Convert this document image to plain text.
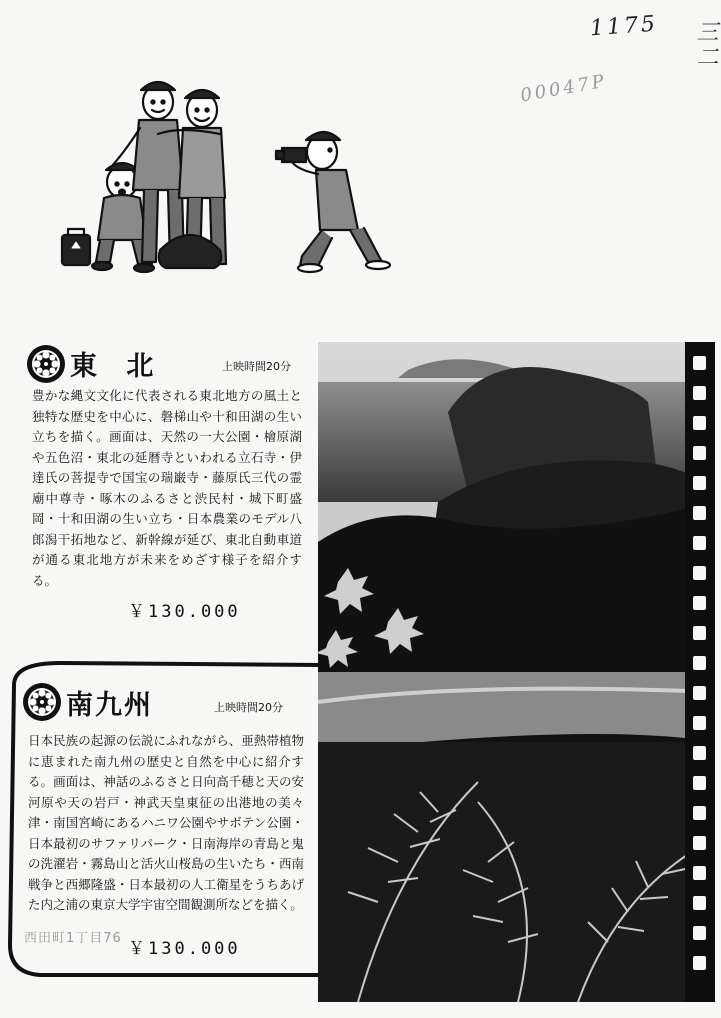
1175 三二
00047P
東 北	上映時間20分
豊かな縄文文化に代表される東北地方の風土と独特な歴史を中心に、磐梯山や十和田湖の生い立ちを描く。画面は、天然の一大公園・檜原湖や五色沼・東北の延暦寺といわれる立石寺・伊達氏の菩提寺で国宝の瑞巌寺・藤原氏三代の霊廟中尊寺・啄木のふるさと渋民村・城下町盛岡・十和田湖の生い立ち・日本農業のモデル八郎潟干拓地など、新幹線が延び、東北自動車道が通る東北地方が未来をめざす様子を紹介する。
￥130.000
南九州	上映時間20分
日本民族の起源の伝説にふれながら、亜熱帯植物に恵まれた南九州の歴史と自然を中心に紹介する。画面は、神話のふるさと日向高千穂と天の安河原や天の岩戸・神武天皇東征の出港地の美々津・南国宮崎にあるハニワ公園やサボテン公園・日本最初のサファリパーク・日南海岸の青島と鬼の洗濯岩・霧島山と活火山桜島の生いたち・西南戦争と西郷隆盛・日本最初の人工衛星をうちあげた内之浦の東京大学宇宙空間観測所などを描く。
西田町1丁目76
￥130.000
